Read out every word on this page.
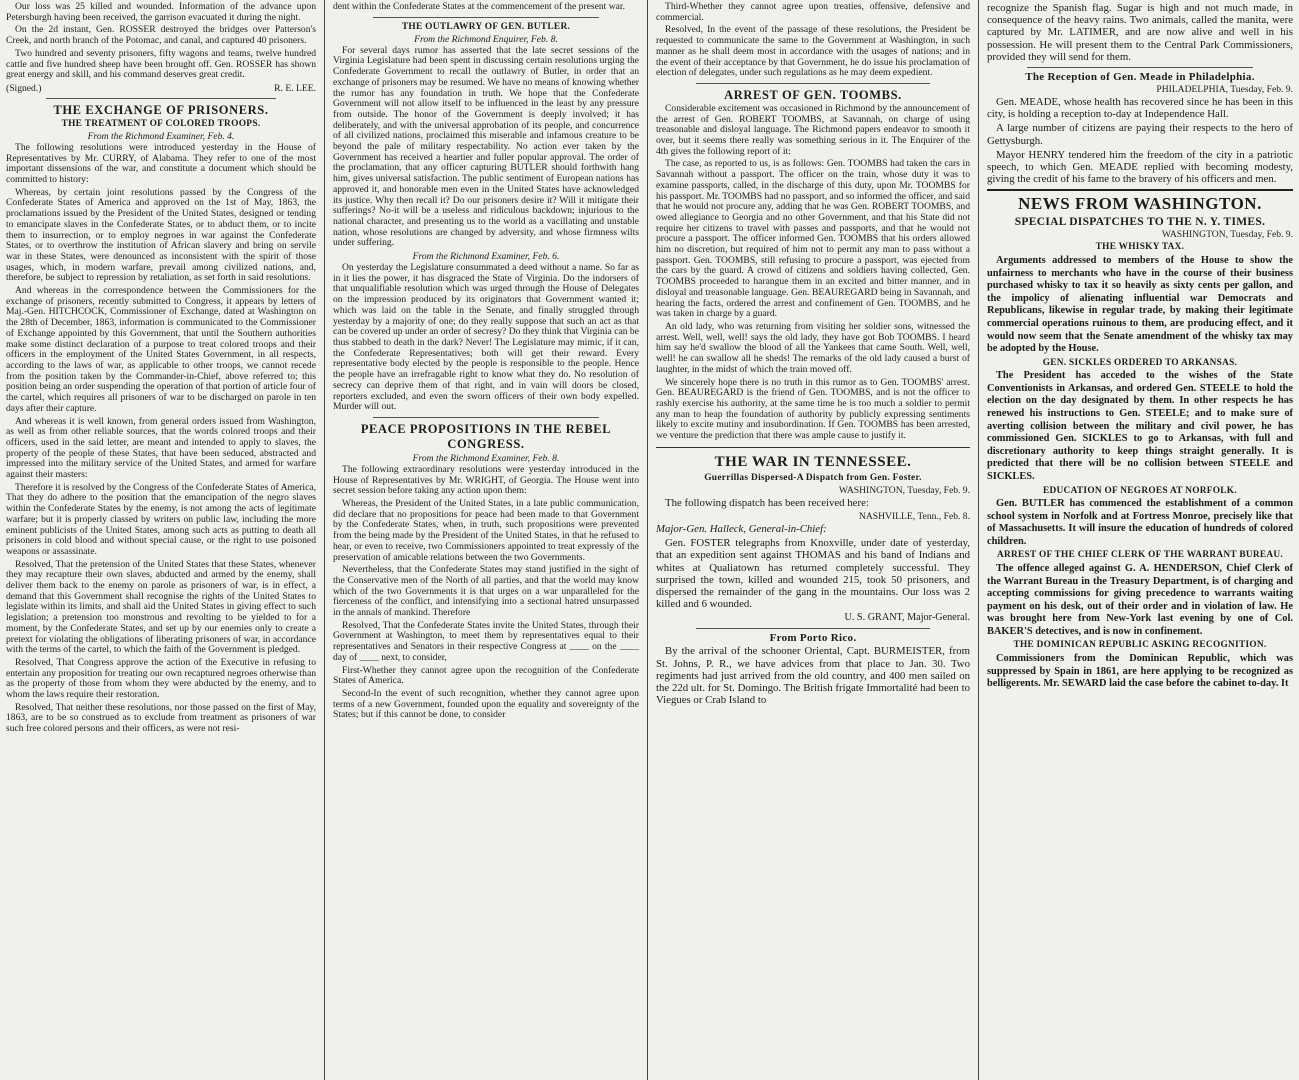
Our loss was 25 killed and wounded. Information of the advance upon Petersburgh having been received, the garrison evacuated it during the night.

On the 2d instant, Gen. ROSSER destroyed the bridges over Patterson's Creek, and north branch of the Potomac, and canal, and captured 40 prisoners.

Two hundred and seventy prisoners, fifty wagons and teams, twelve hundred cattle and five hundred sheep have been brought off. Gen. ROSSER has shown great energy and skill, and his command deserves great credit.

(Signed.)	R. E. LEE.
THE EXCHANGE OF PRISONERS.
THE TREATMENT OF COLORED TROOPS.
From the Richmond Examiner, Feb. 4.

The following resolutions were introduced yesterday in the House of Representatives by Mr. CURRY, of Alabama. They refer to one of the most important dissensions of the war, and constitute a document which should be committed to history:

Whereas, by certain joint resolutions passed by the Congress of the Confederate States of America and approved on the 1st of May, 1863, the proclamations issued by the President of the United States, designed or tending to emancipate slaves in the Confederate States, or to abduct them, or to incite them to insurrection, or to employ negroes in war against the Confederate States, or to overthrow the institution of African slavery and bring on servile war in these States, were denounced as inconsistent with the spirit of those usages, which, in modern warfare, prevail among civilized nations, and, therefore, be subject to repression by retaliation, as set forth in said resolutions.

And whereas in the correspondence between the Commissioners for the exchange of prisoners, recently submitted to Congress, it appears by letters of Maj.-Gen. HITCHCOCK, Commissioner of Exchange, dated at Washington on the 28th of December, 1863, information is communicated to the Commissioner of Exchange appointed by this Government, that until the Southern authorities make some distinct declaration of a purpose to treat colored troops and their officers in the employment of the United States Government, in all respects, according to the laws of war, as applicable to other troops, we cannot recede from the position taken by the Commander-in-Chief, above referred to; this position being an order suspending the operation of that portion of article four of the cartel, which requires all prisoners of war to be discharged on parole in ten days after their capture.

And whereas it is well known, from general orders issued from Washington, as well as from other reliable sources, that the words colored troops and their officers, used in the said letter, are meant and intended to apply to slaves, the property of the people of these States, that have been seduced, abstracted and impressed into the military service of the United States, and armed for warfare against their masters:

Therefore it is resolved by the Congress of the Confederate States of America, That they do adhere to the position that the emancipation of the negro slaves within the Confederate States by the enemy, is not among the acts of legitimate warfare; but it is properly classed by writers on public law, including the more eminent publicists of the United States, among such acts as putting to death all prisoners in cold blood and without special cause, or the right to use poisoned weapons or assassinate.

Resolved, That the pretension of the United States that these States, whenever they may recapture their own slaves, abducted and armed by the enemy, shall deliver them back to the enemy on parole as prisoners of war, is in effect, a demand that this Government shall recognise the rights of the United States to legislate within its limits, and shall aid the United States in giving effect to such legislation; a pretension too monstrous and revolting to be yielded to for a moment, by the Confederate States, and set up by our enemies only to create a pretext for violating the obligations of liberating prisoners of war, in accordance with the terms of the cartel, to which the faith of the Government is pledged.

Resolved, That Congress approve the action of the Executive in refusing to entertain any proposition for treating our own recaptured negroes otherwise than as the property of those from whom they were abducted by the enemy, and to whom the laws require their restoration.

Resolved, That neither these resolutions, nor those passed on the first of May, 1863, are to be so construed as to exclude from treatment as prisoners of war such free colored persons and their officers, as were not resi-

dent within the Confederate States at the commencement of the present war.

THE OUTLAWRY OF GEN. BUTLER.
From the Richmond Enquirer, Feb. 8.

For several days rumor has asserted that the late secret sessions of the Virginia Legislature had been spent in discussing certain resolutions urging the Confederate Government to recall the outlawry of Butler, in order that an exchange of prisoners may be resumed. We have no means of knowing whether the rumor has any foundation in truth. We hope that the Confederate Government will not allow itself to be influenced in the least by any pressure from outside. The honor of the Government is deeply involved; it has deliberately, and with the universal approbation of its people, and concurrence of all civilized nations, proclaimed this miserable and infamous creature to be beyond the pale of military respectability. No action ever taken by the Government has received a heartier and fuller popular approval. The order of the proclamation, that any officer capturing BUTLER should forthwith hang him, gives universal satisfaction. The public sentiment of European nations has approved it, and honorable men even in the United States have acknowledged its justice. Why then recall it? Do our prisoners desire it? Will it mitigate their sufferings? No-it will be a useless and ridiculous backdown; injurious to the national character, and presenting us to the world as a vacillating and unstable nation, whose resolutions are changed by adversity, and whose firmness wilts under suffering.

From the Richmond Examiner, Feb. 6.

On yesterday the Legislature consummated a deed without a name. So far as in it lies the power, it has disgraced the State of Virginia. Do the indorsers of that unqualifiable resolution which was urged through the House of Delegates on the impression produced by its originators that Government wanted it; which was laid on the table in the Senate, and finally struggled through yesterday by a majority of one; do they really suppose that such an act as that can be covered up under an order of secresy? Do they think that Virginia can be thus stabbed to death in the dark? Never! The Legislature may mimic, if it can, the Confederate Representatives; both will get their reward. Every representative body elected by the people is responsible to the people. Hence the people have an irrefragable right to know what they do. No resolution of secrecy can deprive them of that right, and in vain will doors be closed, reporters excluded, and even the sworn officers of their own body expelled. Murder will out.

PEACE PROPOSITIONS IN THE REBEL CONGRESS.
From the Richmond Examiner, Feb. 8.

The following extraordinary resolutions were yesterday introduced in the House of Representatives by Mr. WRIGHT, of Georgia. The House went into secret session before taking any action upon them:

Whereas, the President of the United States, in a late public communication, did declare that no propositions for peace had been made to that Government by the Confederate States, when, in truth, such propositions were prevented from the being made by the President of the United States, in that he refused to hear, or even to receive, two Commissioners appointed to treat expressly of the preservation of amicable relations between the two Governments.

Nevertheless, that the Confederate States may stand justified in the sight of the Conservative men of the North of all parties, and that the world may know which of the two Governments it is that urges on a war unparalleled for the fierceness of the conflict, and intensifying into a sectional hatred unsurpassed in the annals of mankind. Therefore

Resolved, That the Confederate States invite the United States, through their Government at Washington, to meet them by representatives equal to their representatives and Senators in their respective Congress at ____ on the ____ day of ____ next, to consider,

First-Whether they cannot agree upon the recognition of the Confederate States of America.

Second-In the event of such recognition, whether they cannot agree upon terms of a new Government, founded upon the equality and sovereignty of the States; but if this cannot be done, to consider

Third-Whether they cannot agree upon treaties, offensive, defensive and commercial.

Resolved, In the event of the passage of these resolutions, the President be requested to communicate the same to the Government at Washington, in such manner as he shall deem most in accordance with the usages of nations; and in the event of their acceptance by that Government, he do issue his proclamation of election of delegates, under such regulations as he may deem expedient.

ARREST OF GEN. TOOMBS.

Considerable excitement was occasioned in Richmond by the announcement of the arrest of Gen. ROBERT TOOMBS, at Savannah, on charge of using treasonable and disloyal language. The Richmond papers endeavor to smooth it over, but it seems there really was something serious in it. The Enquirer of the 4th gives the following report of it:

The case, as reported to us, is as follows: Gen. TOOMBS had taken the cars in Savannah without a passport. The officer on the train, whose duty it was to examine passports, called, in the discharge of this duty, upon Mr. TOOMBS for his passport. Mr. TOOMBS had no passport, and so informed the officer, and said that he would not procure any, adding that he was Gen. ROBERT TOOMBS, and owed allegiance to Georgia and no other Government, and that his State did not require her citizens to travel with passes and passports, and that he would not procure a passport. The officer informed Gen. TOOMBS that his orders allowed him no discretion, but required of him not to permit any man to pass without a passport. Gen. TOOMBS, still refusing to procure a passport, was ejected from the cars by the guard. A crowd of citizens and soldiers having collected, Gen. TOOMBS proceeded to harangue them in an excited and bitter manner, and in disloyal and treasonable language. Gen. BEAUREGARD being in Savannah, and hearing the facts, ordered the arrest and confinement of Gen. TOOMBS, and he was taken in charge by a guard.

An old lady, who was returning from visiting her soldier sons, witnessed the arrest. Well, well, well! says the old lady, they have got Bob TOOMBS. I heard him say he'd swallow the blood of all the Yankees that came South. Well, well, well! he can swallow all he sheds! The remarks of the old lady caused a burst of laughter, in the midst of which the train moved off.

We sincerely hope there is no truth in this rumor as to Gen. TOOMBS' arrest. Gen. BEAUREGARD is the friend of Gen. TOOMBS, and is not the officer to rashly exercise his authority, at the same time he is too much a soldier to permit any man to heap the foundation of authority by publicly expressing sentiments likely to excite mutiny and insubordination. If Gen. TOOMBS has been arrested, we venture the prediction that there was ample cause to justify it.

THE WAR IN TENNESSEE.
Guerrillas Dispersed-A Dispatch from Gen. Foster.
WASHINGTON, Tuesday, Feb. 9.

The following dispatch has been received here:

NASHVILLE, Tenn., Feb. 8.

Major-Gen. Halleck, General-in-Chief:

Gen. FOSTER telegraphs from Knoxville, under date of yesterday, that an expedition sent against THOMAS and his band of Indians and whites at Qualiatown has returned completely successful. They surprised the town, killed and wounded 215, took 50 prisoners, and dispersed the remainder of the gang in the mountains. Our loss was 2 killed and 6 wounded.

U. S. GRANT, Major-General.
From Porto Rico.

By the arrival of the schooner Oriental, Capt. BURMEISTER, from St. Johns, P. R., we have advices from that place to Jan. 30. Two regiments had just arrived from the old country, and 400 men sailed on the 22d ult. for St. Domingo. The British frigate Immortalité had been to Viegues or Crab Island to

recognize the Spanish flag. Sugar is high and not much made, in consequence of the heavy rains. Two animals, called the manita, were captured by Mr. LATIMER, and are now alive and well in his possession. He will present them to the Central Park Commissioners, provided they will send for them.

The Reception of Gen. Meade in Philadelphia.
PHILADELPHIA, Tuesday, Feb. 9.

Gen. MEADE, whose health has recovered since he has been in this city, is holding a reception to-day at Independence Hall.

A large number of citizens are paying their respects to the hero of Gettysburgh.

Mayor HENRY tendered him the freedom of the city in a patriotic speech, to which Gen. MEADE replied with becoming modesty, giving the credit of his fame to the bravery of his officers and men.

NEWS FROM WASHINGTON.
SPECIAL DISPATCHES TO THE N. Y. TIMES.
WASHINGTON, Tuesday, Feb. 9.
THE WHISKY TAX.

Arguments addressed to members of the House to show the unfairness to merchants who have in the course of their business purchased whisky to tax it so heavily as sixty cents per gallon, and the impolicy of alienating influential war Democrats and Republicans, likewise in regular trade, by making their legitimate commercial operations ruinous to them, are producing effect, and it would now seem that the Senate amendment of the whisky tax may be adopted by the House.

GEN. SICKLES ORDERED TO ARKANSAS.

The President has acceded to the wishes of the State Conventionists in Arkansas, and ordered Gen. STEELE to hold the election on the day designated by them. In other respects he has renewed his instructions to Gen. STEELE; and to make sure of averting collision between the military and civil power, he has commissioned Gen. SICKLES to go to Arkansas, with full and discretionary authority to keep things straight generally. It is predicted that there will be no collision between STEELE and SICKLES.

EDUCATION OF NEGROES AT NORFOLK.

Gen. BUTLER has commenced the establishment of a common school system in Norfolk and at Fortress Monroe, precisely like that of Massachusetts. It will insure the education of hundreds of colored children.

ARREST OF THE CHIEF CLERK OF THE WARRANT BUREAU.

The offence alleged against G. A. HENDERSON, Chief Clerk of the Warrant Bureau in the Treasury Department, is of charging and accepting commissions for giving precedence to warrants waiting payment on his desk, out of their order and in violation of law. He was brought here from New-York last evening by one of Col. BAKER'S detectives, and is now in confinement.

THE DOMINICAN REPUBLIC ASKING RECOGNITION.

Commissioners from the Dominican Republic, which was suppressed by Spain in 1861, are here applying to be recognized as belligerents. Mr. SEWARD laid the case before the cabinet to-day. It
